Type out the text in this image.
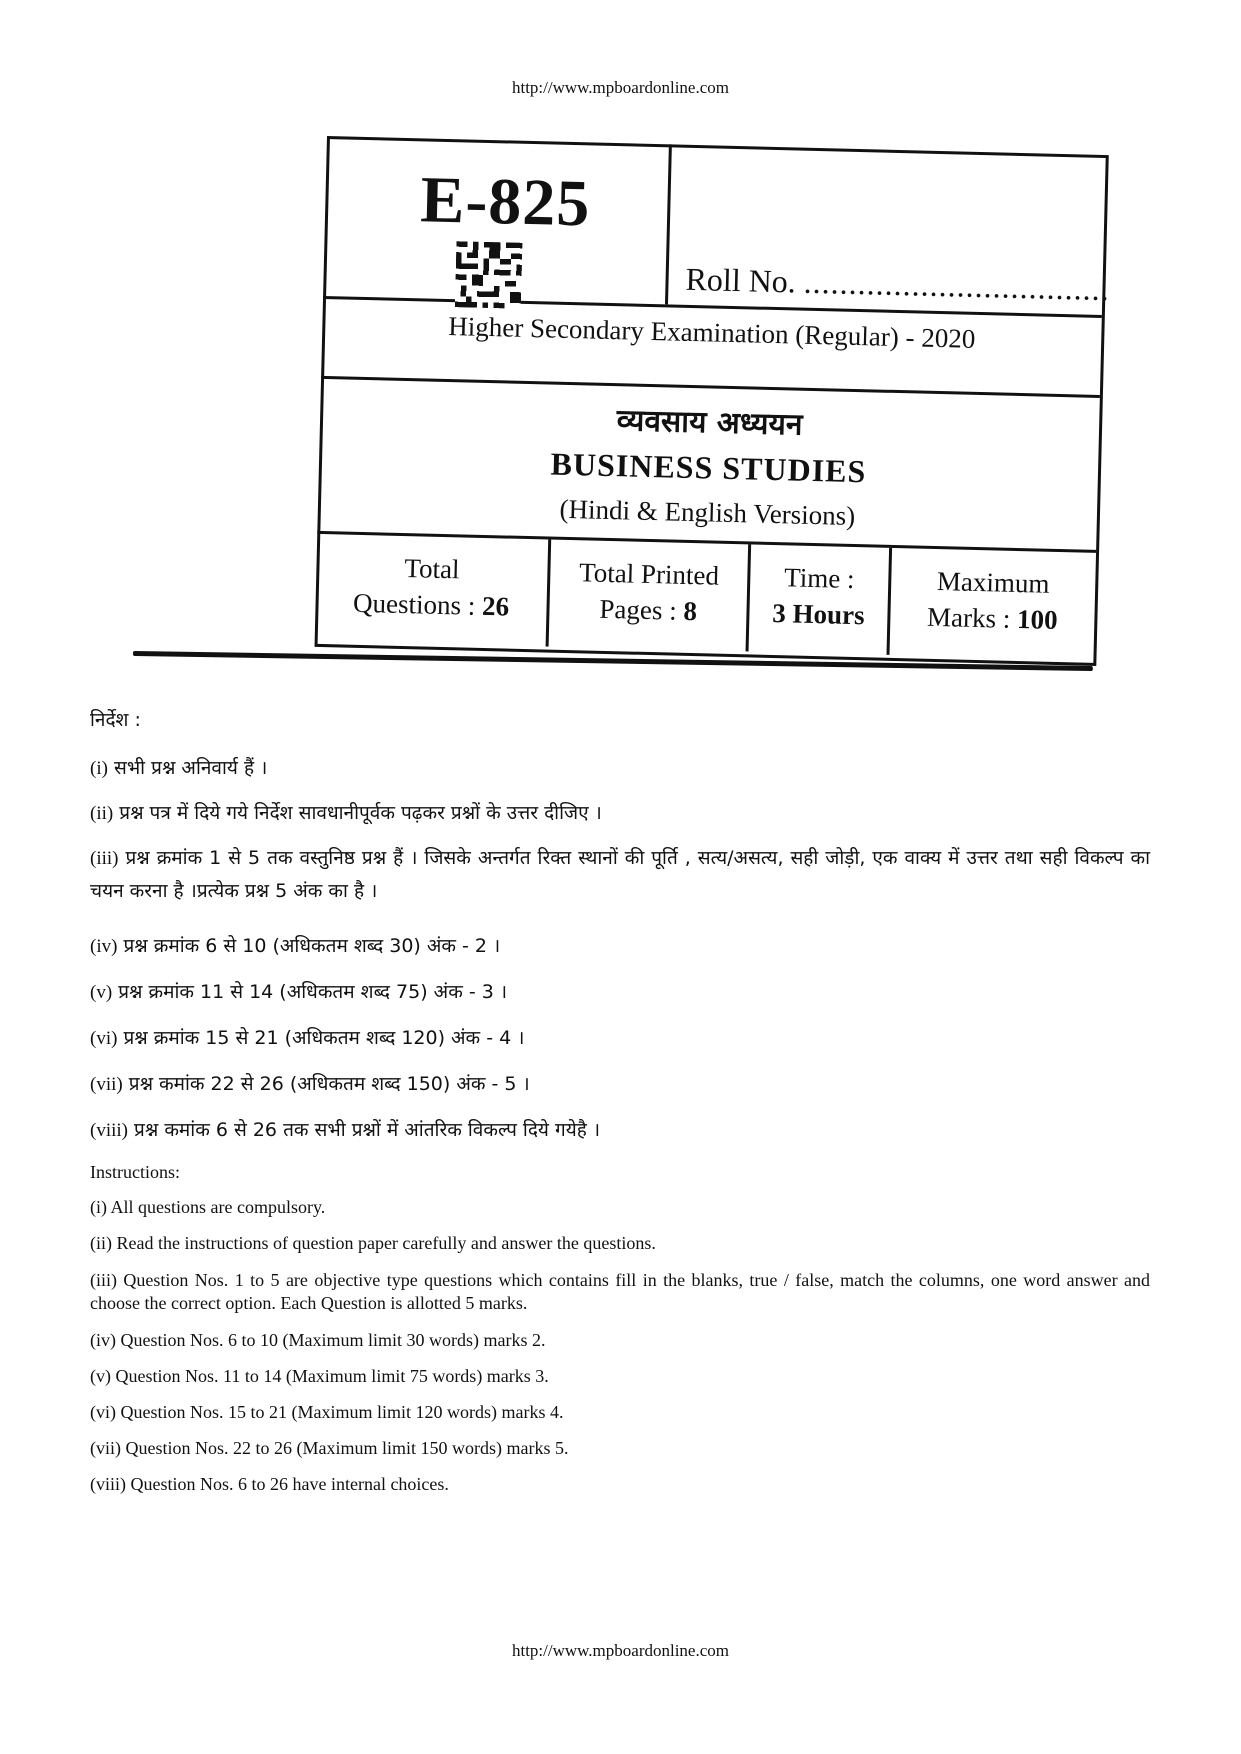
http://www.mpboardonline.com
E-825
Roll No. ..................................
Higher Secondary Examination (Regular) - 2020
व्यवसाय अध्ययन
BUSINESS STUDIES
(Hindi & English Versions)
Total
Questions : 26
Total Printed
Pages : 8
Time :
3 Hours
Maximum
Marks : 100
निर्देश :
(i) सभी प्रश्न अनिवार्य हैं ।
(ii) प्रश्न पत्र में दिये गये निर्देश सावधानीपूर्वक पढ़कर प्रश्नों के उत्तर दीजिए ।
(iii) प्रश्न क्रमांक 1 से 5 तक वस्तुनिष्ठ प्रश्न हैं । जिसके अन्तर्गत रिक्त स्थानों की पूर्ति , सत्य/असत्य, सही जोड़ी, एक वाक्य में उत्तर तथा सही विकल्प का चयन करना है ।प्रत्येक प्रश्न 5 अंक का है ।
(iv) प्रश्न क्रमांक 6 से 10 (अधिकतम शब्द 30) अंक - 2 ।
(v) प्रश्न क्रमांक 11 से 14 (अधिकतम शब्द 75) अंक - 3 ।
(vi) प्रश्न क्रमांक 15 से 21 (अधिकतम शब्द 120) अंक - 4 ।
(vii) प्रश्न कमांक 22 से 26 (अधिकतम शब्द 150) अंक - 5 ।
(viii) प्रश्न कमांक 6 से 26 तक सभी प्रश्नों में आंतरिक विकल्प दिये गयेहै ।
Instructions:
(i) All questions are compulsory.
(ii) Read the instructions of question paper carefully and answer the questions.
(iii) Question Nos. 1 to 5 are objective type questions which contains fill in the blanks, true / false, match the columns, one word answer and choose the correct option. Each Question is allotted 5 marks.
(iv) Question Nos. 6 to 10 (Maximum limit 30 words) marks 2.
(v) Question Nos. 11 to 14 (Maximum limit 75 words) marks 3.
(vi) Question Nos. 15 to 21 (Maximum limit 120 words) marks 4.
(vii) Question Nos. 22 to 26 (Maximum limit 150 words) marks 5.
(viii) Question Nos. 6 to 26 have internal choices.
http://www.mpboardonline.com
